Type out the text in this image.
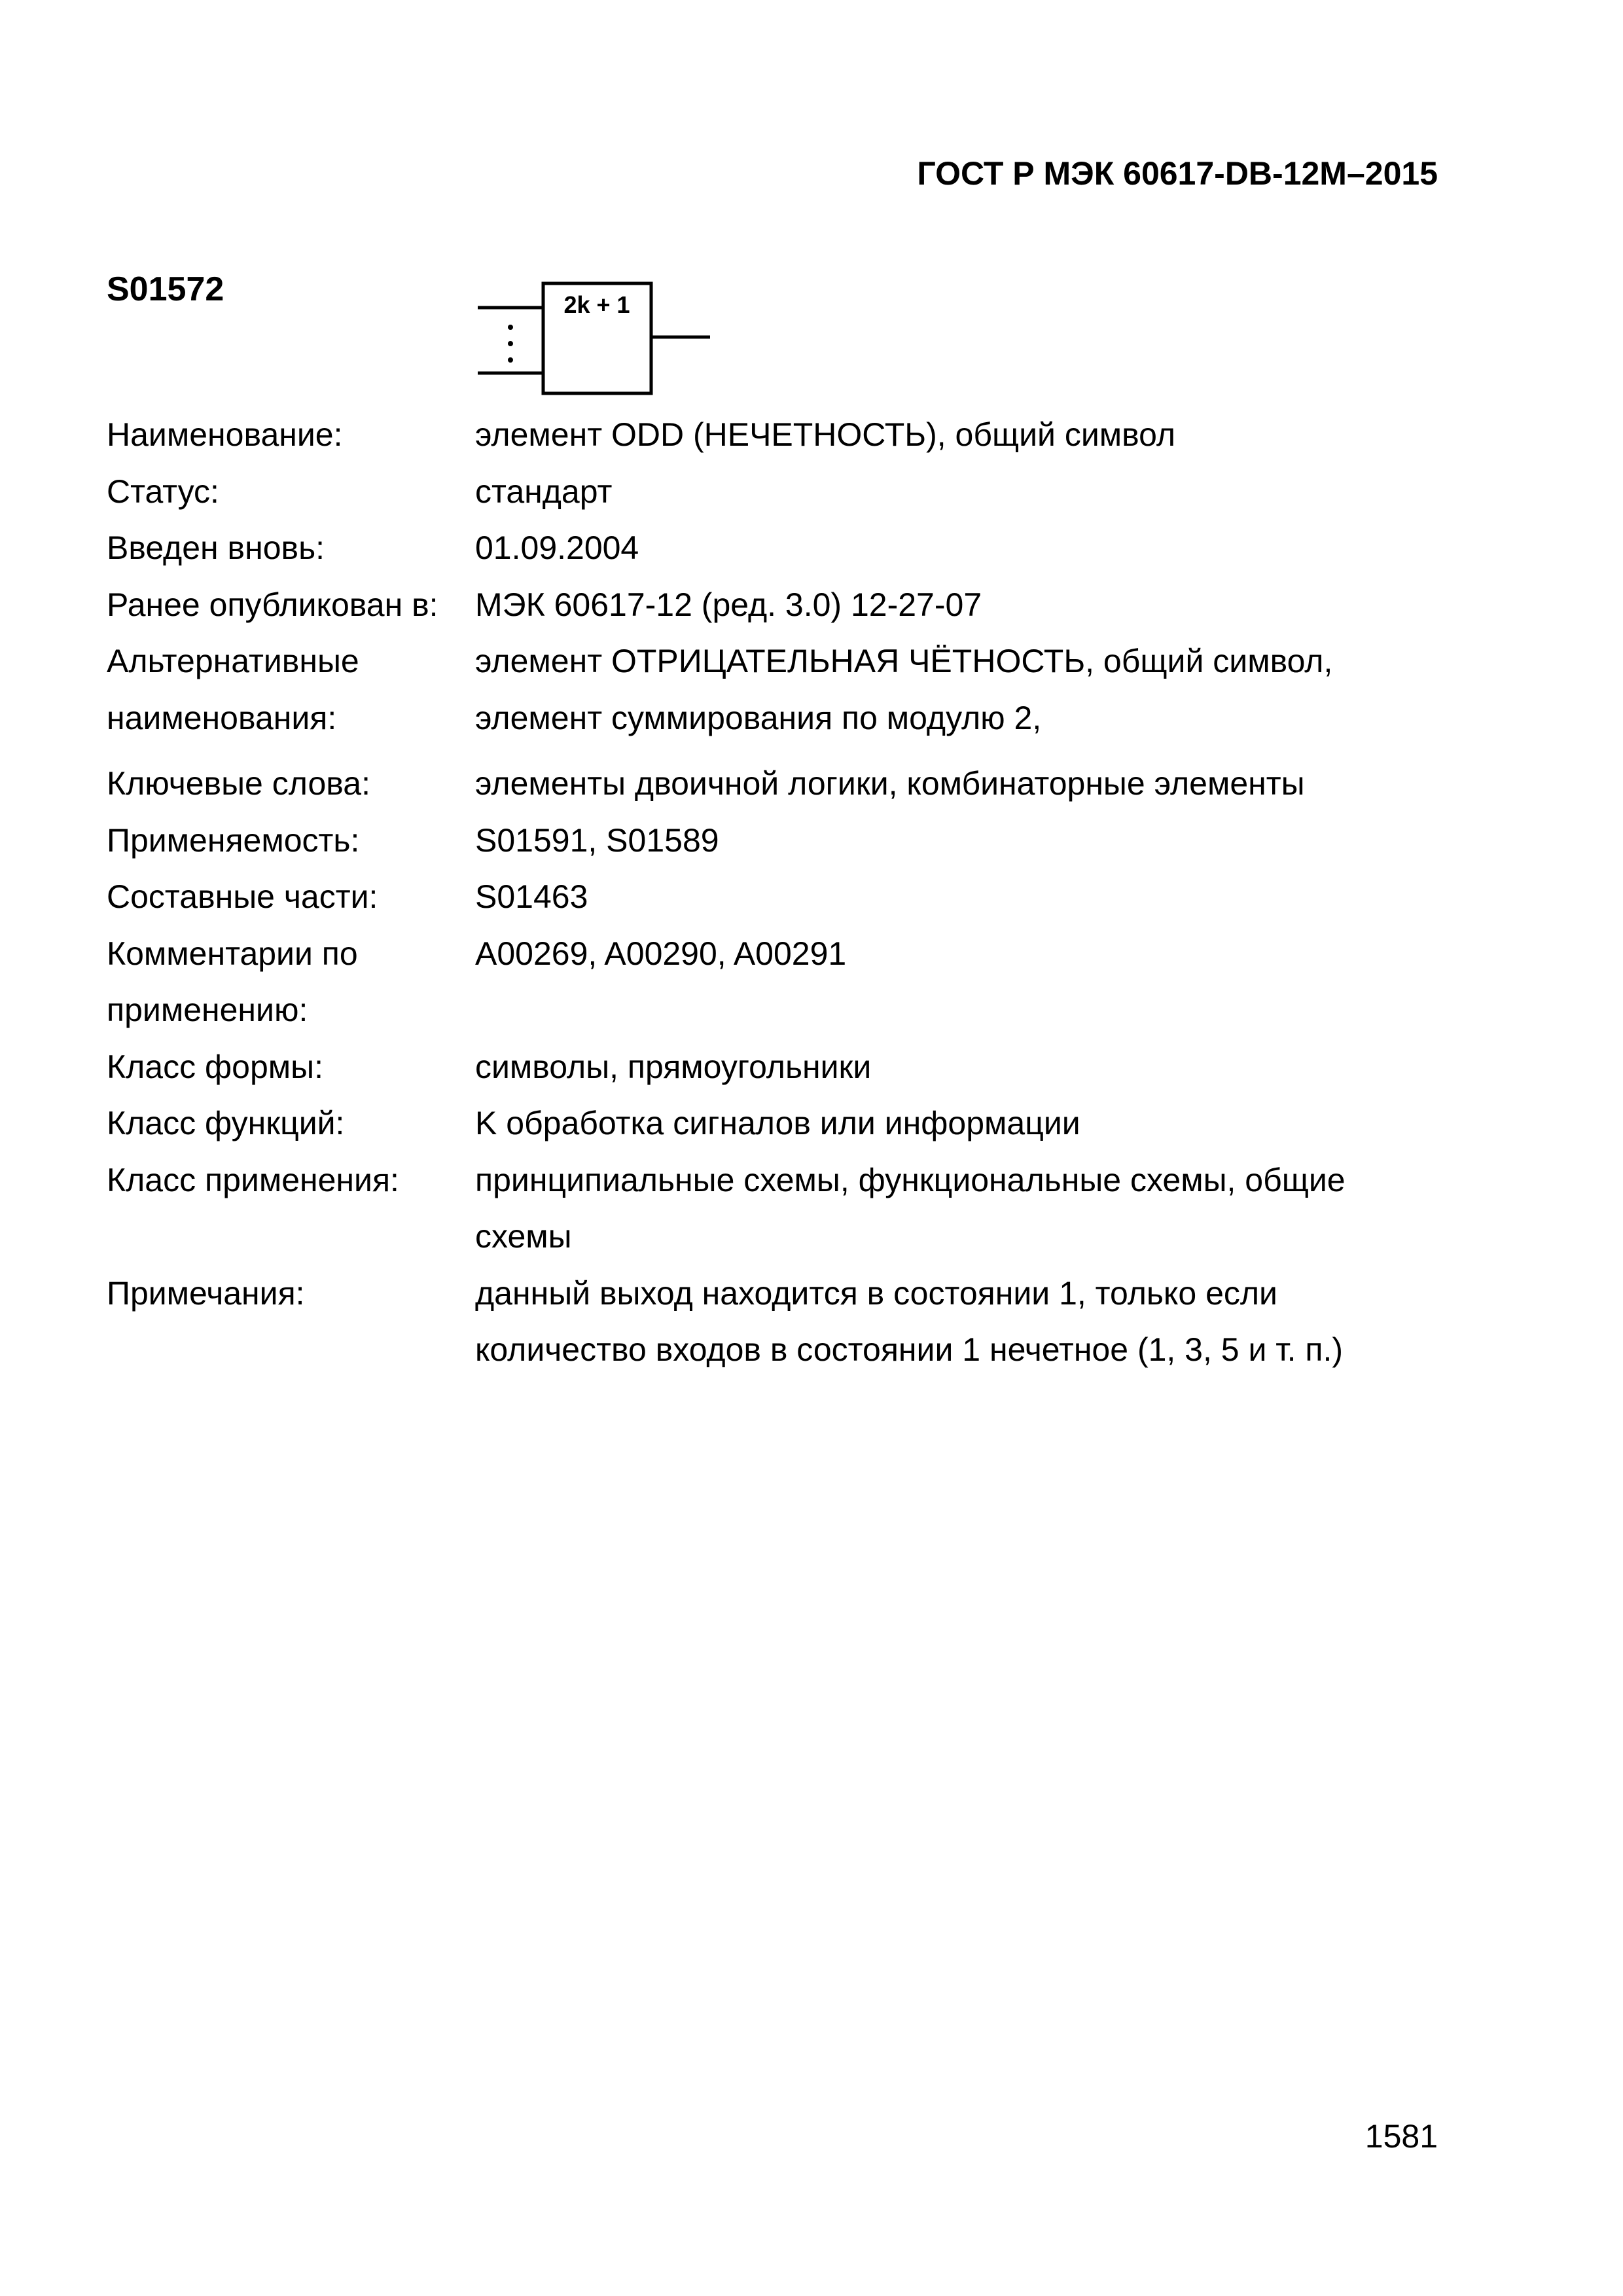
ГОСТ Р МЭК 60617-DB-12M–2015
S01572	2k + 1
Наименование:	элемент ODD (НЕЧЕТНОСТЬ), общий символ
Статус:	стандарт
Введен вновь:	01.09.2004
Ранее опубликован в:	МЭК 60617-12 (ред. 3.0) 12-27-07
Альтернативные наименования:
элемент ОТРИЦАТЕЛЬНАЯ ЧЁТНОСТЬ, общий символ, элемент суммирования по модулю 2,
Ключевые слова:	элементы двоичной логики, комбинаторные элементы
Применяемость:	S01591, S01589
Составные части:	S01463
Комментарии по применению:
A00269, A00290, A00291
Класс формы:	символы, прямоугольники
Класс функций:	K обработка сигналов или информации
Класс применения:	принципиальные схемы, функциональные схемы, общие схемы
Примечания:	данный выход находится в состоянии 1, только если количество входов в состоянии 1 нечетное (1, 3, 5 и т. п.)
1581
